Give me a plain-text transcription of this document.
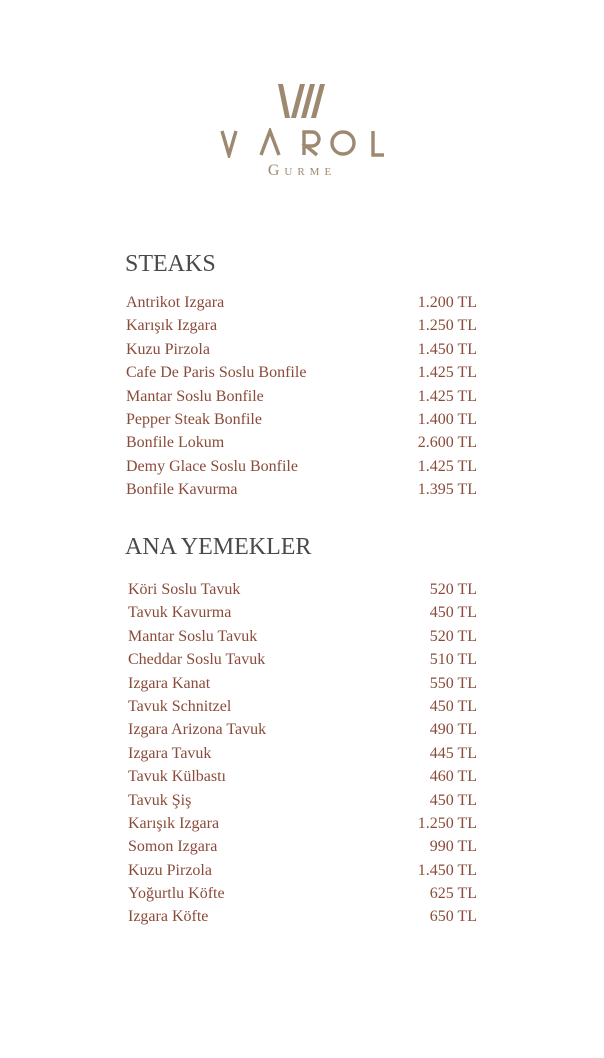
Gurme
STEAKS
Antrikot Izgara	1.200 TL
Karışık Izgara	1.250 TL
Kuzu Pirzola	1.450 TL
Cafe De Paris Soslu Bonfile	1.425 TL
Mantar Soslu Bonfile	1.425 TL
Pepper Steak Bonfile	1.400 TL
Bonfile Lokum	2.600 TL
Demy Glace Soslu Bonfile	1.425 TL
Bonfile Kavurma	1.395 TL
ANA YEMEKLER
Köri Soslu Tavuk	520 TL
Tavuk Kavurma	450 TL
Mantar Soslu Tavuk	520 TL
Cheddar Soslu Tavuk	510 TL
Izgara Kanat	550 TL
Tavuk Schnitzel	450 TL
Izgara Arizona Tavuk	490 TL
Izgara Tavuk	445 TL
Tavuk Külbastı	460 TL
Tavuk Şiş	450 TL
Karışık Izgara	1.250 TL
Somon Izgara	990 TL
Kuzu Pirzola	1.450 TL
Yoğurtlu Köfte	625 TL
Izgara Köfte	650 TL
